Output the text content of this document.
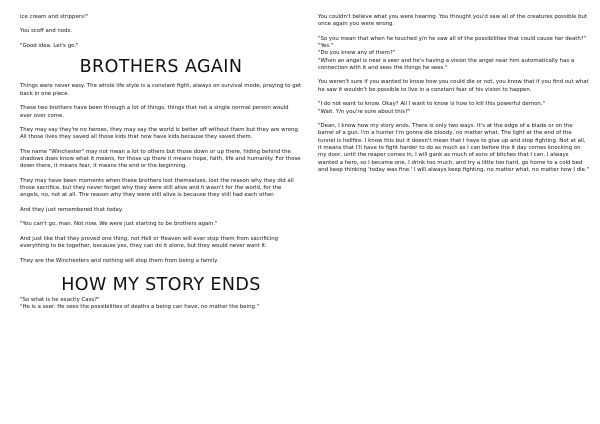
ice cream and strippers!"

You scoff and nods.

"Good idea. Let's go."

BROTHERS AGAIN

Things were never easy. The whole life style is a constant fight, always on survival mode, praying to get back in one piece.

These two brothers have been through a lot of things, things that not a single normal person would ever over come.

They may say they're no heroes, they may say the world is better off without them but they are wrong. All those lives they saved all those kids that now have kids because they saved them.

The name "Winchester" may not mean a lot to others but those down or up there, hiding behind the shadows does know what it means, for those up there it means hope, faith, life and humanity. For those down there, it means fear, it means the end or the beginning.

They may have been moments when these brothers lost themselves, lost the reason why they did all those sacrifice, but they never forget why they were still alive and it wasn't for the world, for the angels, no, not at all. The reason why they were still alive is because they still had each other.

And they just remembered that today.

"You can't go, man. Not now. We were just starting to be brothers again."

And just like that they proved one thing, not Hell or Heaven will ever stop them from sacrificing everything to be together, because yes, they can do it alone, but they would never want it.

They are the Winchesters and nothing will stop them from being a family.

HOW MY STORY ENDS

"So what is he exactly Cass?"

"He is a seer. He sees the possibilities of deaths a being can have, no matter the being."

You couldn't believe what you were hearing. You thought you'd saw all of the creatures possible but once again you were wrong.

"So you mean that when he touched y/n he saw all of the possibilities that could cause her death?"

"Yes."

"Do you know any of them?"

"When an angel is near a seer and he's having a vision the angel near him automatically has a connection with it and sees the things he sees."

You weren't sure if you wanted to know how you could die or not, you know that if you find out what he saw it wouldn't be possible to live in a constant fear of his vision to happen.

"I do not want to know. Okay? All I want to know is how to kill this powerful demon."

"Wait. Y/n you're sure about this?"

"Dean, I know how my story ends. There is only two ways. It's at the edge of a blade or on the barrel of a gun. I'm a hunter I'm gonna die bloody, no matter what. The light at the end of the tunnel is hellfire. I know this but it doesn't mean that I have to give up and stop fighting. Not at all, it means that I'll have to fight harder to do as much as I can before the it day comes knocking on my door, until the reaper comes in, I will gank as much of sons of bitches that I can. I always wanted a hero, so I became one. I drink too much, and try a little too hard, go home to a cold bed and keep thinking 'today was fine.' I will always keep fighting, no matter what, no matter how I die."
